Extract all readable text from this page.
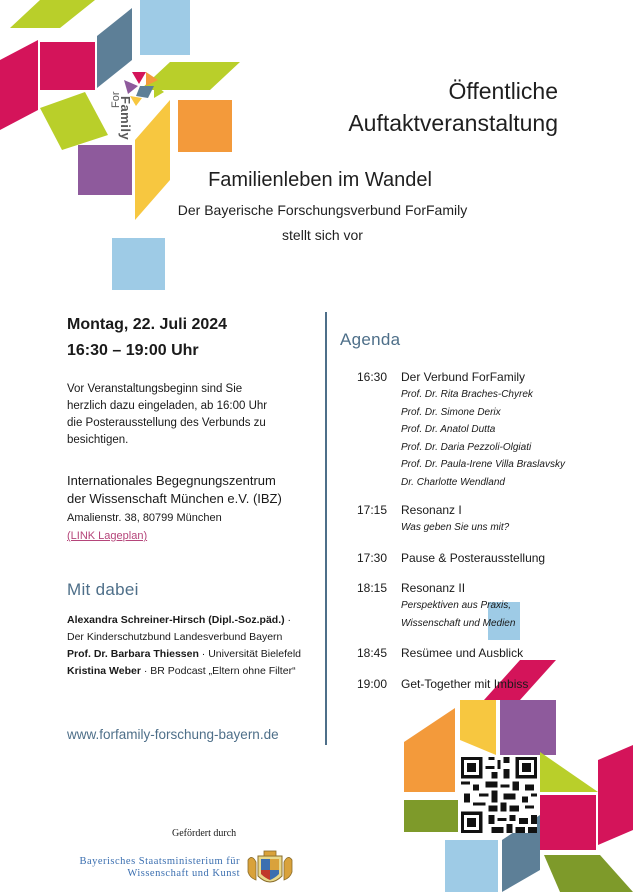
For
Family
Öffentliche
Auftaktveranstaltung
Familienleben im Wandel
Der Bayerische Forschungsverbund ForFamily
stellt sich vor
Montag, 22. Juli 2024
16:30 – 19:00 Uhr
Vor Veranstaltungsbeginn sind Sie
herzlich dazu eingeladen, ab 16:00 Uhr
die Posterausstellung des Verbunds zu
besichtigen.
Internationales Begegnungszentrum
der Wissenschaft München e.V. (IBZ)
Amalienstr. 38, 80799 München
(LINK Lageplan)
Mit dabei
Alexandra Schreiner-Hirsch (Dipl.-Soz.päd.) ·
Der Kinderschutzbund Landesverbund Bayern
Prof. Dr. Barbara Thiessen · Universität Bielefeld
Kristina Weber · BR Podcast „Eltern ohne Filter“
www.forfamily-forschung-bayern.de
Agenda
16:30 Der Verbund ForFamily
Prof. Dr. Rita Braches-Chyrek
Prof. Dr. Simone Derix
Prof. Dr. Anatol Dutta
Prof. Dr. Daria Pezzoli-Olgiati
Prof. Dr. Paula-Irene Villa Braslavsky
Dr. Charlotte Wendland
17:15 Resonanz I
Was geben Sie uns mit?
17:30 Pause & Posterausstellung
18:15 Resonanz II
Perspektiven aus Praxis,
Wissenschaft und Medien
18:45 Resümee und Ausblick
19:00 Get-Together mit Imbiss
Gefördert durch
Bayerisches Staatsministerium für
Wissenschaft und Kunst
